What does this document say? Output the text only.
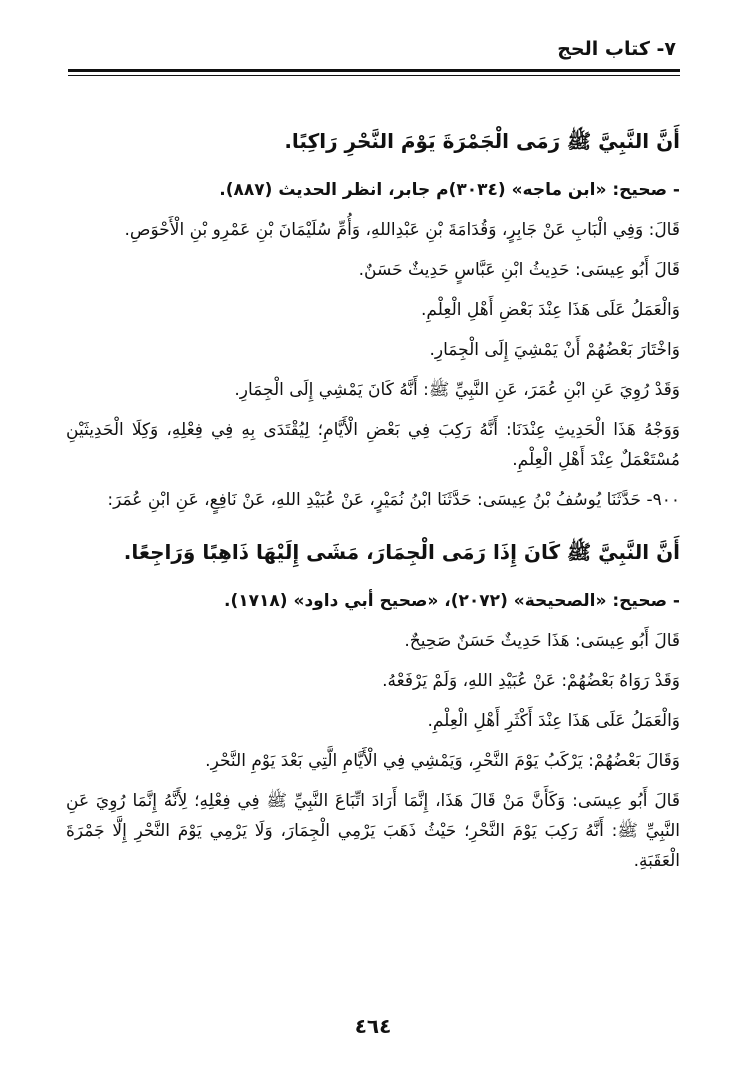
٧- كتاب الحج

أَنَّ النَّبِيَّ ﷺ رَمَى الْجَمْرَةَ يَوْمَ النَّحْرِ رَاكِبًا.

- صحيح: «ابن ماجه» (٣٠٣٤)م جابر، انظر الحديث (٨٨٧).

قَالَ: وَفِي الْبَابِ عَنْ جَابِرٍ، وَقُدَامَةَ بْنِ عَبْدِاللهِ، وَأُمِّ سُلَيْمَانَ بْنِ عَمْرِو بْنِ الْأَحْوَصِ.

قَالَ أَبُو عِيسَى: حَدِيثُ ابْنِ عَبَّاسٍ حَدِيثٌ حَسَنٌ.

وَالْعَمَلُ عَلَى هَذَا عِنْدَ بَعْضِ أَهْلِ الْعِلْمِ.

وَاخْتَارَ بَعْضُهُمْ أَنْ يَمْشِيَ إِلَى الْجِمَارِ.

وَقَدْ رُوِيَ عَنِ ابْنِ عُمَرَ، عَنِ النَّبِيِّ ﷺ: أَنَّهُ كَانَ يَمْشِي إِلَى الْجِمَارِ.

وَوَجْهُ هَذَا الْحَدِيثِ عِنْدَنَا: أَنَّهُ رَكِبَ فِي بَعْضِ الْأَيَّامِ؛ لِيُقْتَدَى بِهِ فِي فِعْلِهِ، وَكِلَا الْحَدِيثَيْنِ مُسْتَعْمَلٌ عِنْدَ أَهْلِ الْعِلْمِ.

٩٠٠- حَدَّثَنَا يُوسُفُ بْنُ عِيسَى: حَدَّثَنَا ابْنُ نُمَيْرٍ، عَنْ عُبَيْدِ اللهِ، عَنْ نَافِعٍ، عَنِ ابْنِ عُمَرَ:

أَنَّ النَّبِيَّ ﷺ كَانَ إِذَا رَمَى الْجِمَارَ، مَشَى إِلَيْهَا ذَاهِبًا وَرَاجِعًا.

- صحيح: «الصحيحة» (٢٠٧٢)، «صحيح أبي داود» (١٧١٨).

قَالَ أَبُو عِيسَى: هَذَا حَدِيثٌ حَسَنٌ صَحِيحٌ.

وَقَدْ رَوَاهُ بَعْضُهُمْ: عَنْ عُبَيْدِ اللهِ، وَلَمْ يَرْفَعْهُ.

وَالْعَمَلُ عَلَى هَذَا عِنْدَ أَكْثَرِ أَهْلِ الْعِلْمِ.

وَقَالَ بَعْضُهُمْ: يَرْكَبُ يَوْمَ النَّحْرِ، وَيَمْشِي فِي الْأَيَّامِ الَّتِي بَعْدَ يَوْمِ النَّحْرِ.

قَالَ أَبُو عِيسَى: وَكَأَنَّ مَنْ قَالَ هَذَا، إِنَّمَا أَرَادَ اتِّبَاعَ النَّبِيِّ ﷺ فِي فِعْلِهِ؛ لِأَنَّهُ إِنَّمَا رُوِيَ عَنِ النَّبِيِّ ﷺ: أَنَّهُ رَكِبَ يَوْمَ النَّحْرِ؛ حَيْثُ ذَهَبَ يَرْمِي الْجِمَارَ، وَلَا يَرْمِي يَوْمَ النَّحْرِ إِلَّا جَمْرَةَ الْعَقَبَةِ.

٤٦٤
